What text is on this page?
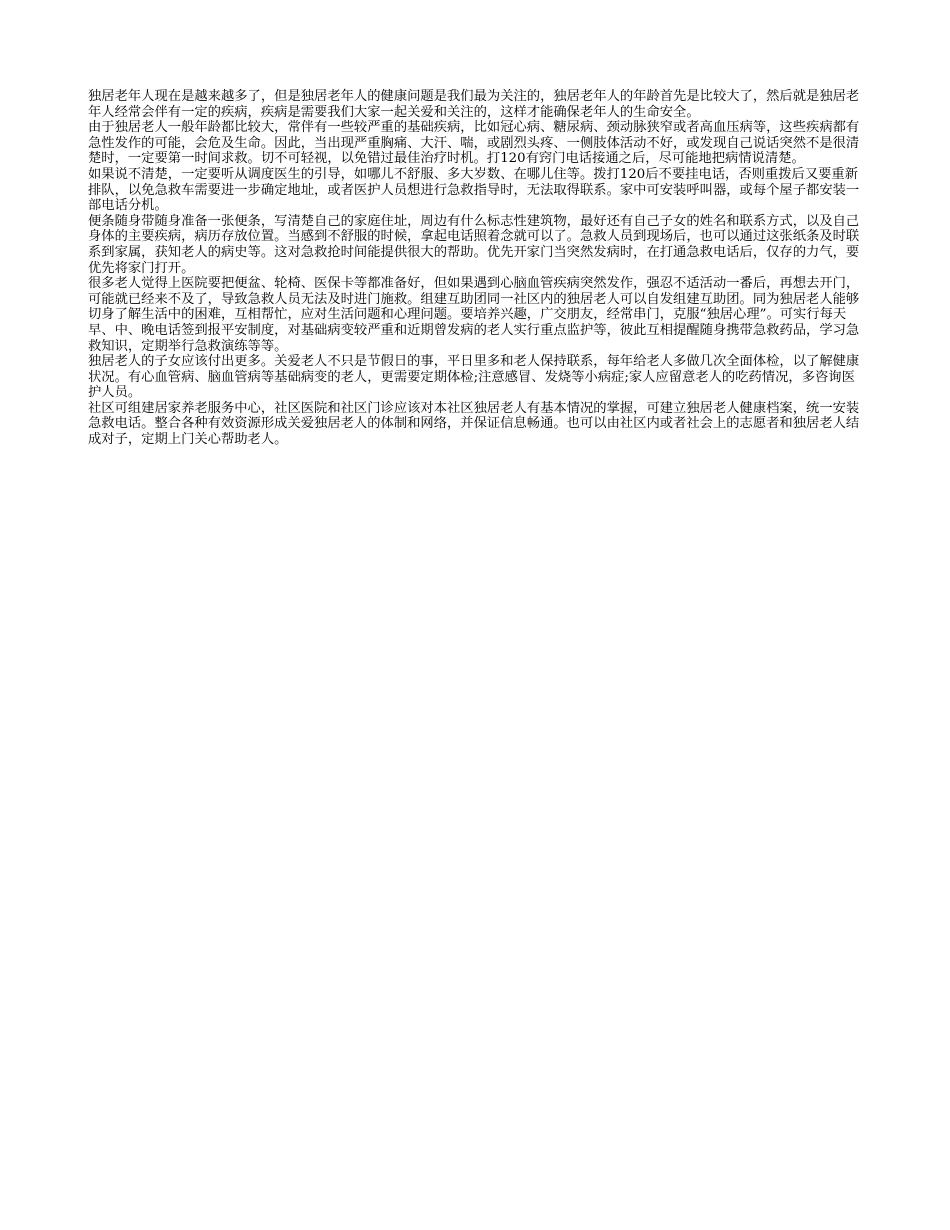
独居老年人现在是越来越多了，但是独居老年人的健康问题是我们最为关注的，独居老年人的年龄首先是比较大了，然后就是独居老年人经常会伴有一定的疾病，疾病是需要我们大家一起关爱和关注的，这样才能确保老年人的生命安全。

由于独居老人一般年龄都比较大，常伴有一些较严重的基础疾病，比如冠心病、糖尿病、颈动脉狭窄或者高血压病等，这些疾病都有急性发作的可能，会危及生命。因此，当出现严重胸痛、大汗、喘，或剧烈头疼、一侧肢体活动不好，或发现自己说话突然不是很清楚时，一定要第一时间求救。切不可轻视，以免错过最佳治疗时机。打120有窍门电话接通之后，尽可能地把病情说清楚。

如果说不清楚，一定要听从调度医生的引导，如哪儿不舒服、多大岁数、在哪儿住等。拨打120后不要挂电话，否则重拨后又要重新排队，以免急救车需要进一步确定地址，或者医护人员想进行急救指导时，无法取得联系。家中可安装呼叫器，或每个屋子都安装一部电话分机。

便条随身带随身准备一张便条，写清楚自己的家庭住址，周边有什么标志性建筑物，最好还有自己子女的姓名和联系方式，以及自己身体的主要疾病，病历存放位置。当感到不舒服的时候，拿起电话照着念就可以了。急救人员到现场后，也可以通过这张纸条及时联系到家属，获知老人的病史等。这对急救抢时间能提供很大的帮助。优先开家门当突然发病时，在打通急救电话后，仅存的力气，要优先将家门打开。

很多老人觉得上医院要把便盆、轮椅、医保卡等都准备好，但如果遇到心脑血管疾病突然发作，强忍不适活动一番后，再想去开门，可能就已经来不及了，导致急救人员无法及时进门施救。组建互助团同一社区内的独居老人可以自发组建互助团。同为独居老人能够切身了解生活中的困难，互相帮忙，应对生活问题和心理问题。要培养兴趣，广交朋友，经常串门，克服“独居心理”。可实行每天早、中、晚电话签到报平安制度，对基础病变较严重和近期曾发病的老人实行重点监护等，彼此互相提醒随身携带急救药品，学习急救知识，定期举行急救演练等等。

独居老人的子女应该付出更多。关爱老人不只是节假日的事，平日里多和老人保持联系，每年给老人多做几次全面体检，以了解健康状况。有心血管病、脑血管病等基础病变的老人，更需要定期体检;注意感冒、发烧等小病症;家人应留意老人的吃药情况，多咨询医护人员。

社区可组建居家养老服务中心，社区医院和社区门诊应该对本社区独居老人有基本情况的掌握，可建立独居老人健康档案，统一安装急救电话。整合各种有效资源形成关爱独居老人的体制和网络，并保证信息畅通。也可以由社区内或者社会上的志愿者和独居老人结成对子，定期上门关心帮助老人。
